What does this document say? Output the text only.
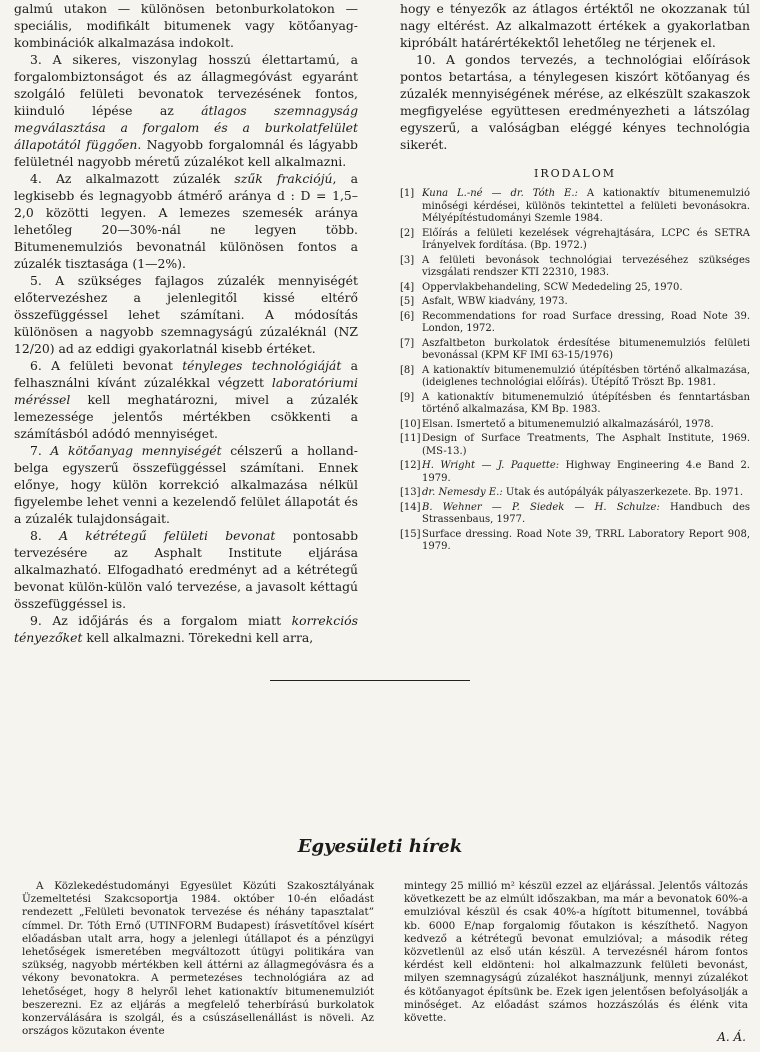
galmú utakon — különösen betonburkolatokon — speciális, modifikált bitumenek vagy kötőanyag-kombinációk alkalmazása indokolt.

3. A sikeres, viszonylag hosszú élettartamú, a forgalombiztonságot és az állagmegóvást egyaránt szolgáló felületi bevonatok tervezésének fontos, kiinduló lépése az átlagos szemnagyság megválasztása a forgalom és a burkolatfelület állapotától függően. Nagyobb forgalomnál és lágyabb felületnél nagyobb méretű zúzalékot kell alkalmazni.

4. Az alkalmazott zúzalék szűk frakciójú, a legkisebb és legnagyobb átmérő aránya d : D = 1,5–2,0 közötti legyen. A lemezes szemesék aránya lehetőleg 20—30%-nál ne legyen több. Bitumenemulziós bevonatnál különösen fontos a zúzalék tisztasága (1—2%).

5. A szükséges fajlagos zúzalék mennyiségét előtervezéshez a jelenlegitől kissé eltérő összefüggéssel lehet számítani. A módosítás különösen a nagyobb szemnagyságú zúzaléknál (NZ 12/20) ad az eddigi gyakorlatnál kisebb értéket.

6. A felületi bevonat tényleges technológiáját a felhasználni kívánt zúzalékkal végzett laboratóriumi méréssel kell meghatározni, mivel a zúzalék lemezessége jelentős mértékben csökkenti a számításból adódó mennyiséget.

7. A kötőanyag mennyiségét célszerű a holland-belga egyszerű összefüggéssel számítani. Ennek előnye, hogy külön korrekció alkalmazása nélkül figyelembe lehet venni a kezelendő felület állapotát és a zúzalék tulajdonságait.

8. A kétrétegű felületi bevonat pontosabb tervezésére az Asphalt Institute eljárása alkalmazható. Elfogadható eredményt ad a kétrétegű bevonat külön-külön való tervezése, a javasolt kéttagú összefüggéssel is.

9. Az időjárás és a forgalom miatt korrekciós tényezőket kell alkalmazni. Törekedni kell arra,

hogy e tényezők az átlagos értéktől ne okozzanak túl nagy eltérést. Az alkalmazott értékek a gyakorlatban kipróbált határértékektől lehetőleg ne térjenek el.

10. A gondos tervezés, a technológiai előírások pontos betartása, a ténylegesen kiszórt kötőanyag és zúzalék mennyiségének mérése, az elkészült szakaszok megfigyelése együttesen eredményezheti a látszólag egyszerű, a valóságban eléggé kényes technológia sikerét.

IRODALOM
[1] Kuna L.-né — dr. Tóth E.: A kationaktív bitumenemulzió minőségi kérdései, különös tekintettel a felületi bevonásokra. Mélyépítéstudományi Szemle 1984.
[2] Előírás a felületi kezelések végrehajtására, LCPC és SETRA Irányelvek fordítása. (Bp. 1972.)
[3] A felületi bevonások technológiai tervezéséhez szükséges vizsgálati rendszer KTI 22310, 1983.
[4] Oppervlakbehandeling, SCW Mededeling 25, 1970.
[5] Asfalt, WBW kiadvány, 1973.
[6] Recommendations for road Surface dressing, Road Note 39. London, 1972.
[7] Aszfaltbeton burkolatok érdesítése bitumenemulziós felületi bevonással (KPM KF IMI 63-15/1976)
[8] A kationaktív bitumenemulzió útépítésben történő alkalmazása, (ideiglenes technológiai előírás). Útépítő Tröszt Bp. 1981.
[9] A kationaktív bitumenemulzió útépítésben és fenntartásban történő alkalmazása, KM Bp. 1983.
[10]Elsan. Ismertető a bitumenemulzió alkalmazásáról, 1978.
[11]Design of Surface Treatments, The Asphalt Institute, 1969. (MS-13.)
[12]H. Wright — J. Paquette: Highway Engineering 4.e Band 2. 1979.
[13]dr. Nemesdy E.: Utak és autópályák pályaszerkezete. Bp. 1971.
[14]B. Wehner — P. Siedek — H. Schulze: Handbuch des Strassenbaus, 1977.
[15]Surface dressing. Road Note 39, TRRL Laboratory Report 908, 1979.
Egyesületi hírek
A Közlekedéstudományi Egyesület Közúti Szakosztályának Üzemeltetési Szakcsoportja 1984. október 10-én előadást rendezett „Felületi bevonatok tervezése és néhány tapasztalat” címmel. Dr. Tóth Ernő (UTINFORM Budapest) írásvetítővel kísért előadásban utalt arra, hogy a jelenlegi útállapot és a pénzügyi lehetőségek ismeretében megváltozott útügyi politikára van szükség, nagyobb mértékben kell áttérni az állagmegóvásra és a vékony bevonatokra. A permetezéses technológiára az ad lehetőséget, hogy 8 helyről lehet kationaktív bitumenemulziót beszerezni. Ez az eljárás a megfelelő teherbírású burkolatok konzerválására is szolgál, és a csúszásellenállást is növeli. Az országos közutakon évente
mintegy 25 millió m² készül ezzel az eljárással. Jelentős változás következett be az elmúlt időszakban, ma már a bevonatok 60%-a emulzióval készül és csak 40%-a hígított bitumennel, továbbá kb. 6000 E/nap forgalomig főutakon is készíthető. Nagyon kedvező a kétrétegű bevonat emulzióval; a második réteg közvetlenül az első után készül. A tervezésnél három fontos kérdést kell eldönteni: hol alkalmazzunk felületi bevonást, milyen szemnagyságú zúzalékot használjunk, mennyi zúzalékot és kötőanyagot építsünk be. Ezek igen jelentősen befolyásolják a minőséget. Az előadást számos hozzászólás és élénk vita követte.
A. Á.
